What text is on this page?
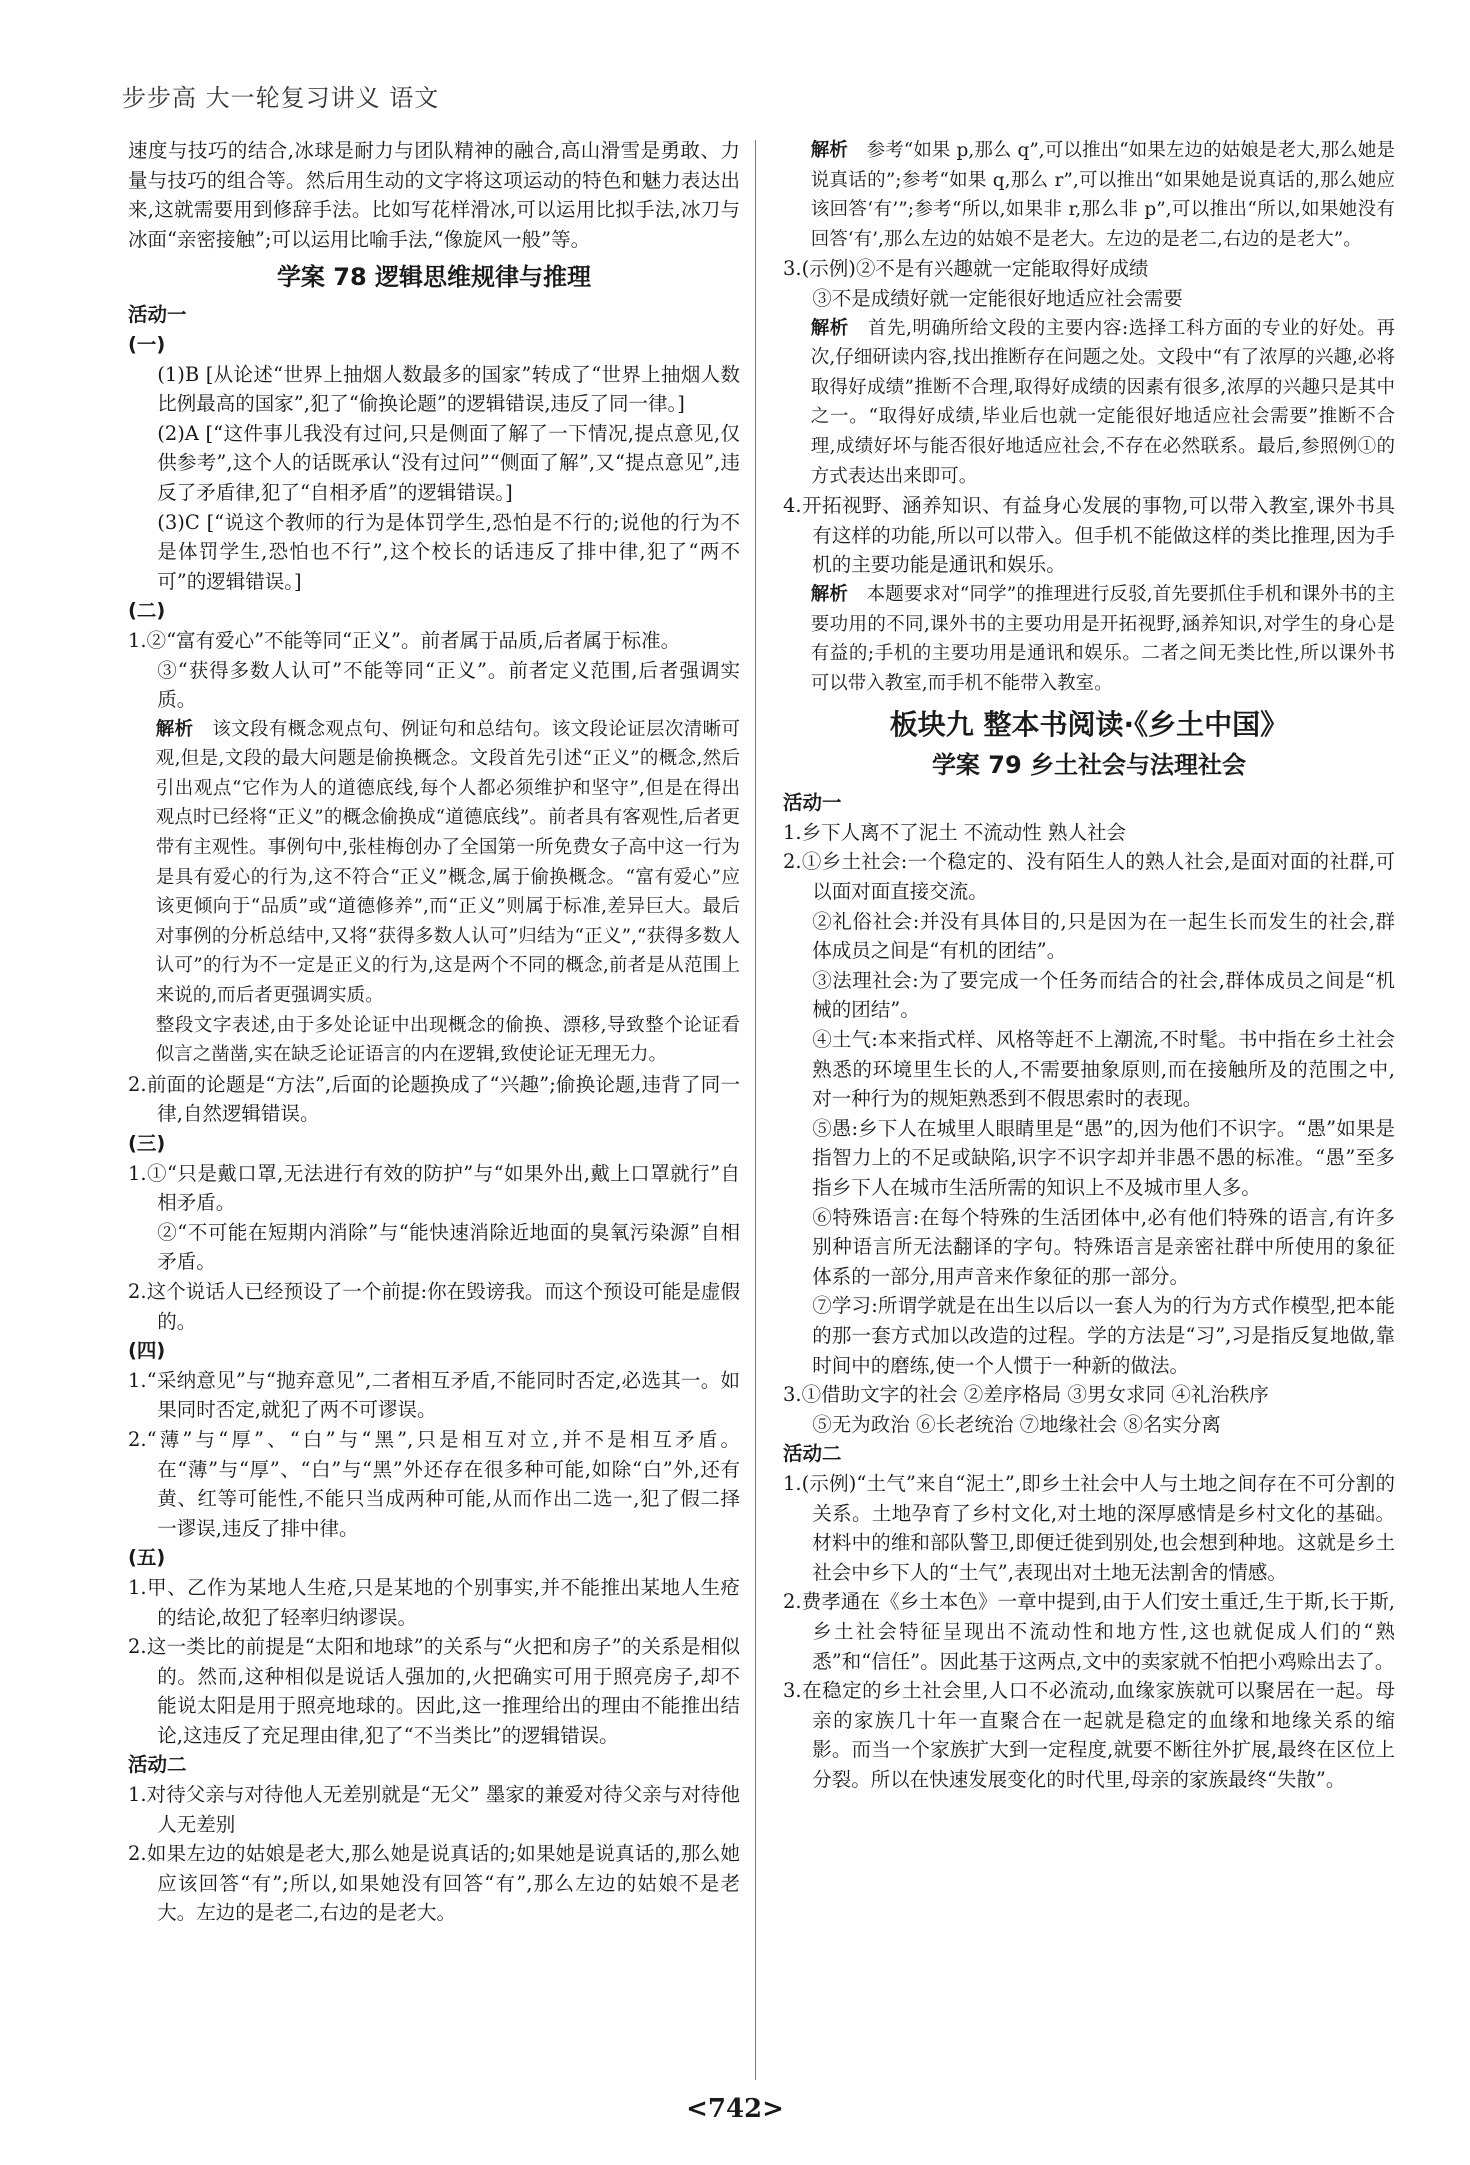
步步高 大一轮复习讲义 语文

速度与技巧的结合,冰球是耐力与团队精神的融合,高山滑雪是勇敢、力量与技巧的组合等。然后用生动的文字将这项运动的特色和魅力表达出来,这就需要用到修辞手法。比如写花样滑冰,可以运用比拟手法,冰刀与冰面“亲密接触”;可以运用比喻手法,“像旋风一般”等。

学案 78 逻辑思维规律与推理
活动一
(一)

(1)B [从论述“世界上抽烟人数最多的国家”转成了“世界上抽烟人数比例最高的国家”,犯了“偷换论题”的逻辑错误,违反了同一律。]

(2)A [“这件事儿我没有过问,只是侧面了解了一下情况,提点意见,仅供参考”,这个人的话既承认“没有过问”“侧面了解”,又“提点意见”,违反了矛盾律,犯了“自相矛盾”的逻辑错误。]

(3)C [“说这个教师的行为是体罚学生,恐怕是不行的;说他的行为不是体罚学生,恐怕也不行”,这个校长的话违反了排中律,犯了“两不可”的逻辑错误。]

(二)

1.②“富有爱心”不能等同“正义”。前者属于品质,后者属于标准。

③“获得多数人认可”不能等同“正义”。前者定义范围,后者强调实质。

解析　 该文段有概念观点句、例证句和总结句。该文段论证层次清晰可观,但是,文段的最大问题是偷换概念。文段首先引述“正义”的概念,然后引出观点“它作为人的道德底线,每个人都必须维护和坚守”,但是在得出观点时已经将“正义”的概念偷换成“道德底线”。前者具有客观性,后者更带有主观性。事例句中,张桂梅创办了全国第一所免费女子高中这一行为是具有爱心的行为,这不符合“正义”概念,属于偷换概念。“富有爱心”应该更倾向于“品质”或“道德修养”,而“正义”则属于标准,差异巨大。最后对事例的分析总结中,又将“获得多数人认可”归结为“正义”,“获得多数人认可”的行为不一定是正义的行为,这是两个不同的概念,前者是从范围上来说的,而后者更强调实质。

整段文字表述,由于多处论证中出现概念的偷换、漂移,导致整个论证看似言之凿凿,实在缺乏论证语言的内在逻辑,致使论证无理无力。

2.前面的论题是“方法”,后面的论题换成了“兴趣”;偷换论题,违背了同一律,自然逻辑错误。

(三)

1.①“只是戴口罩,无法进行有效的防护”与“如果外出,戴上口罩就行”自相矛盾。

②“不可能在短期内消除”与“能快速消除近地面的臭氧污染源”自相矛盾。

2.这个说话人已经预设了一个前提:你在毁谤我。而这个预设可能是虚假的。

(四)

1.“采纳意见”与“抛弃意见”,二者相互矛盾,不能同时否定,必选其一。如果同时否定,就犯了两不可谬误。

2.“薄”与“厚”、“白”与“黑”,只是相互对立,并不是相互矛盾。在“薄”与“厚”、“白”与“黑”外还存在很多种可能,如除“白”外,还有黄、红等可能性,不能只当成两种可能,从而作出二选一,犯了假二择一谬误,违反了排中律。

(五)

1.甲、乙作为某地人生疮,只是某地的个别事实,并不能推出某地人生疮的结论,故犯了轻率归纳谬误。

2.这一类比的前提是“太阳和地球”的关系与“火把和房子”的关系是相似的。然而,这种相似是说话人强加的,火把确实可用于照亮房子,却不能说太阳是用于照亮地球的。因此,这一推理给出的理由不能推出结论,这违反了充足理由律,犯了“不当类比”的逻辑错误。

活动二

1.对待父亲与对待他人无差别就是“无父” 墨家的兼爱对待父亲与对待他人无差别

2.如果左边的姑娘是老大,那么她是说真话的;如果她是说真话的,那么她应该回答“有”;所以,如果她没有回答“有”,那么左边的姑娘不是老大。左边的是老二,右边的是老大。

解析　 参考“如果 p,那么 q”,可以推出“如果左边的姑娘是老大,那么她是说真话的”;参考“如果 q,那么 r”,可以推出“如果她是说真话的,那么她应该回答‘有’”;参考“所以,如果非 r,那么非 p”,可以推出“所以,如果她没有回答‘有’,那么左边的姑娘不是老大。左边的是老二,右边的是老大”。

3.(示例)②不是有兴趣就一定能取得好成绩

③不是成绩好就一定能很好地适应社会需要

解析　 首先,明确所给文段的主要内容:选择工科方面的专业的好处。再次,仔细研读内容,找出推断存在问题之处。文段中“有了浓厚的兴趣,必将取得好成绩”推断不合理,取得好成绩的因素有很多,浓厚的兴趣只是其中之一。“取得好成绩,毕业后也就一定能很好地适应社会需要”推断不合理,成绩好坏与能否很好地适应社会,不存在必然联系。最后,参照例①的方式表达出来即可。

4.开拓视野、涵养知识、有益身心发展的事物,可以带入教室,课外书具有这样的功能,所以可以带入。但手机不能做这样的类比推理,因为手机的主要功能是通讯和娱乐。

解析　 本题要求对“同学”的推理进行反驳,首先要抓住手机和课外书的主要功用的不同,课外书的主要功用是开拓视野,涵养知识,对学生的身心是有益的;手机的主要功用是通讯和娱乐。二者之间无类比性,所以课外书可以带入教室,而手机不能带入教室。

板块九 整本书阅读·《乡土中国》
学案 79 乡土社会与法理社会
活动一

1.乡下人离不了泥土 不流动性 熟人社会

2.①乡土社会:一个稳定的、没有陌生人的熟人社会,是面对面的社群,可以面对面直接交流。

②礼俗社会:并没有具体目的,只是因为在一起生长而发生的社会,群体成员之间是“有机的团结”。

③法理社会:为了要完成一个任务而结合的社会,群体成员之间是“机械的团结”。

④土气:本来指式样、风格等赶不上潮流,不时髦。书中指在乡土社会熟悉的环境里生长的人,不需要抽象原则,而在接触所及的范围之中,对一种行为的规矩熟悉到不假思索时的表现。

⑤愚:乡下人在城里人眼睛里是“愚”的,因为他们不识字。“愚”如果是指智力上的不足或缺陷,识字不识字却并非愚不愚的标准。“愚”至多指乡下人在城市生活所需的知识上不及城市里人多。

⑥特殊语言:在每个特殊的生活团体中,必有他们特殊的语言,有许多别种语言所无法翻译的字句。特殊语言是亲密社群中所使用的象征体系的一部分,用声音来作象征的那一部分。

⑦学习:所谓学就是在出生以后以一套人为的行为方式作模型,把本能的那一套方式加以改造的过程。学的方法是“习”,习是指反复地做,靠时间中的磨练,使一个人惯于一种新的做法。

3.①借助文字的社会 ②差序格局 ③男女求同 ④礼治秩序

⑤无为政治 ⑥长老统治 ⑦地缘社会 ⑧名实分离

活动二

1.(示例)“土气”来自“泥土”,即乡土社会中人与土地之间存在不可分割的关系。土地孕育了乡村文化,对土地的深厚感情是乡村文化的基础。材料中的维和部队警卫,即便迁徙到别处,也会想到种地。这就是乡土社会中乡下人的“土气”,表现出对土地无法割舍的情感。

2.费孝通在《乡土本色》一章中提到,由于人们安土重迁,生于斯,长于斯,乡土社会特征呈现出不流动性和地方性,这也就促成人们的“熟悉”和“信任”。因此基于这两点,文中的卖家就不怕把小鸡赊出去了。

3.在稳定的乡土社会里,人口不必流动,血缘家族就可以聚居在一起。母亲的家族几十年一直聚合在一起就是稳定的血缘和地缘关系的缩影。而当一个家族扩大到一定程度,就要不断往外扩展,最终在区位上分裂。所以在快速发展变化的时代里,母亲的家族最终“失散”。

<742>
